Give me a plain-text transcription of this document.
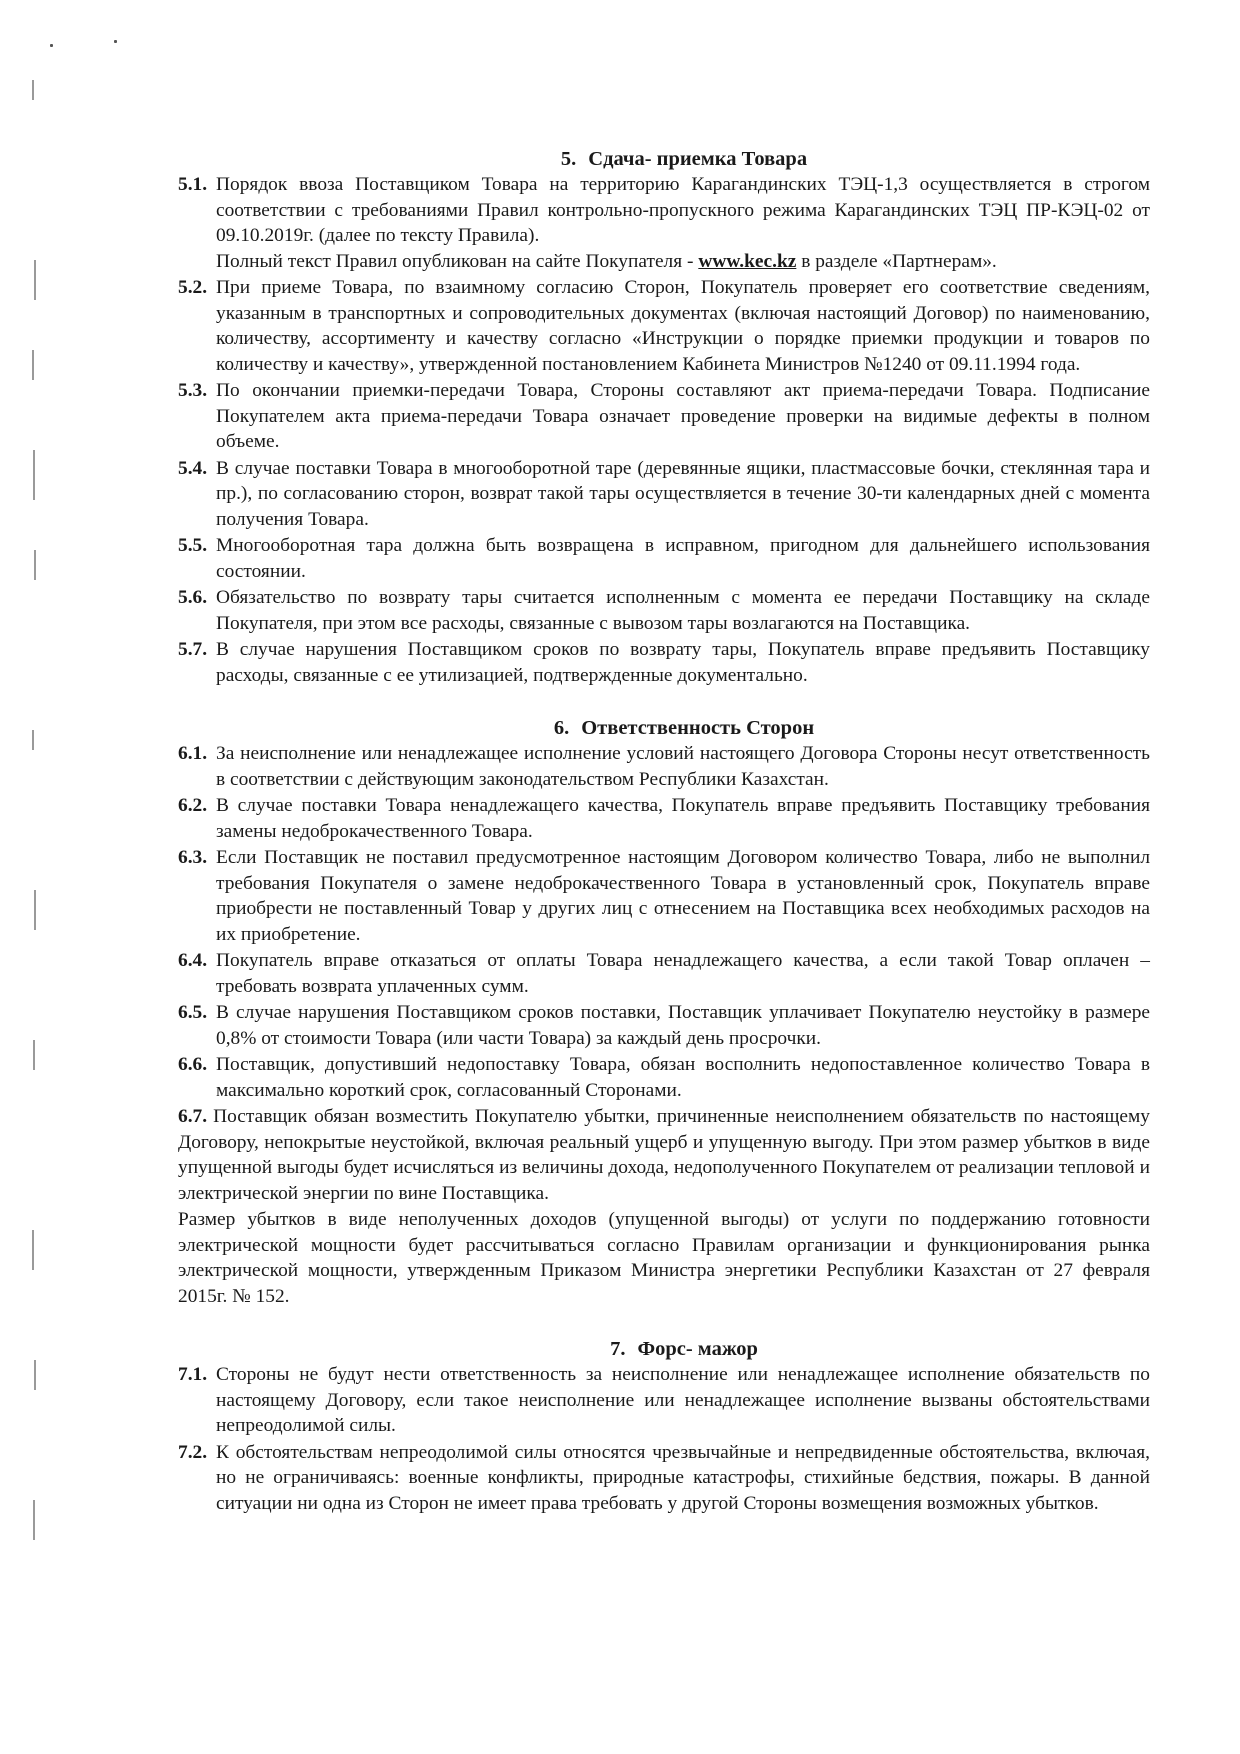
5. Сдача- приемка Товара
5.1. Порядок ввоза Поставщиком Товара на территорию Карагандинских ТЭЦ-1,3 осуществляется в строгом соответствии с требованиями Правил контрольно-пропускного режима Карагандинских ТЭЦ ПР-КЭЦ-02 от 09.10.2019г. (далее по тексту Правила).
Полный текст Правил опубликован на сайте Покупателя - www.kec.kz в разделе «Партнерам».
5.2. При приеме Товара, по взаимному согласию Сторон, Покупатель проверяет его соответствие сведениям, указанным в транспортных и сопроводительных документах (включая настоящий Договор) по наименованию, количеству, ассортименту и качеству согласно «Инструкции о порядке приемки продукции и товаров по количеству и качеству», утвержденной постановлением Кабинета Министров №1240 от 09.11.1994 года.
5.3. По окончании приемки-передачи Товара, Стороны составляют акт приема-передачи Товара. Подписание Покупателем акта приема-передачи Товара означает проведение проверки на видимые дефекты в полном объеме.
5.4. В случае поставки Товара в многооборотной таре (деревянные ящики, пластмассовые бочки, стеклянная тара и пр.), по согласованию сторон, возврат такой тары осуществляется в течение 30-ти календарных дней с момента получения Товара.
5.5. Многооборотная тара должна быть возвращена в исправном, пригодном для дальнейшего использования состоянии.
5.6. Обязательство по возврату тары считается исполненным с момента ее передачи Поставщику на складе Покупателя, при этом все расходы, связанные с вывозом тары возлагаются на Поставщика.
5.7. В случае нарушения Поставщиком сроков по возврату тары, Покупатель вправе предъявить Поставщику расходы, связанные с ее утилизацией, подтвержденные документально.
6. Ответственность Сторон
6.1. За неисполнение или ненадлежащее исполнение условий настоящего Договора Стороны несут ответственность в соответствии с действующим законодательством Республики Казахстан.
6.2. В случае поставки Товара ненадлежащего качества, Покупатель вправе предъявить Поставщику требования замены недоброкачественного Товара.
6.3. Если Поставщик не поставил предусмотренное настоящим Договором количество Товара, либо не выполнил требования Покупателя о замене недоброкачественного Товара в установленный срок, Покупатель вправе приобрести не поставленный Товар у других лиц с отнесением на Поставщика всех необходимых расходов на их приобретение.
6.4. Покупатель вправе отказаться от оплаты Товара ненадлежащего качества, а если такой Товар оплачен – требовать возврата уплаченных сумм.
6.5. В случае нарушения Поставщиком сроков поставки, Поставщик уплачивает Покупателю неустойку в размере 0,8% от стоимости Товара (или части Товара) за каждый день просрочки.
6.6. Поставщик, допустивший недопоставку Товара, обязан восполнить недопоставленное количество Товара в максимально короткий срок, согласованный Сторонами.
6.7. Поставщик обязан возместить Покупателю убытки, причиненные неисполнением обязательств по настоящему Договору, непокрытые неустойкой, включая реальный ущерб и упущенную выгоду. При этом размер убытков в виде упущенной выгоды будет исчисляться из величины дохода, недополученного Покупателем от реализации тепловой и электрической энергии по вине Поставщика.
Размер убытков в виде неполученных доходов (упущенной выгоды) от услуги по поддержанию готовности электрической мощности будет рассчитываться согласно Правилам организации и функционирования рынка электрической мощности, утвержденным Приказом Министра энергетики Республики Казахстан от 27 февраля 2015г. № 152.
7. Форс- мажор
7.1. Стороны не будут нести ответственность за неисполнение или ненадлежащее исполнение обязательств по настоящему Договору, если такое неисполнение или ненадлежащее исполнение вызваны обстоятельствами непреодолимой силы.
7.2. К обстоятельствам непреодолимой силы относятся чрезвычайные и непредвиденные обстоятельства, включая, но не ограничиваясь: военные конфликты, природные катастрофы, стихийные бедствия, пожары. В данной ситуации ни одна из Сторон не имеет права требовать у другой Стороны возмещения возможных убытков.
